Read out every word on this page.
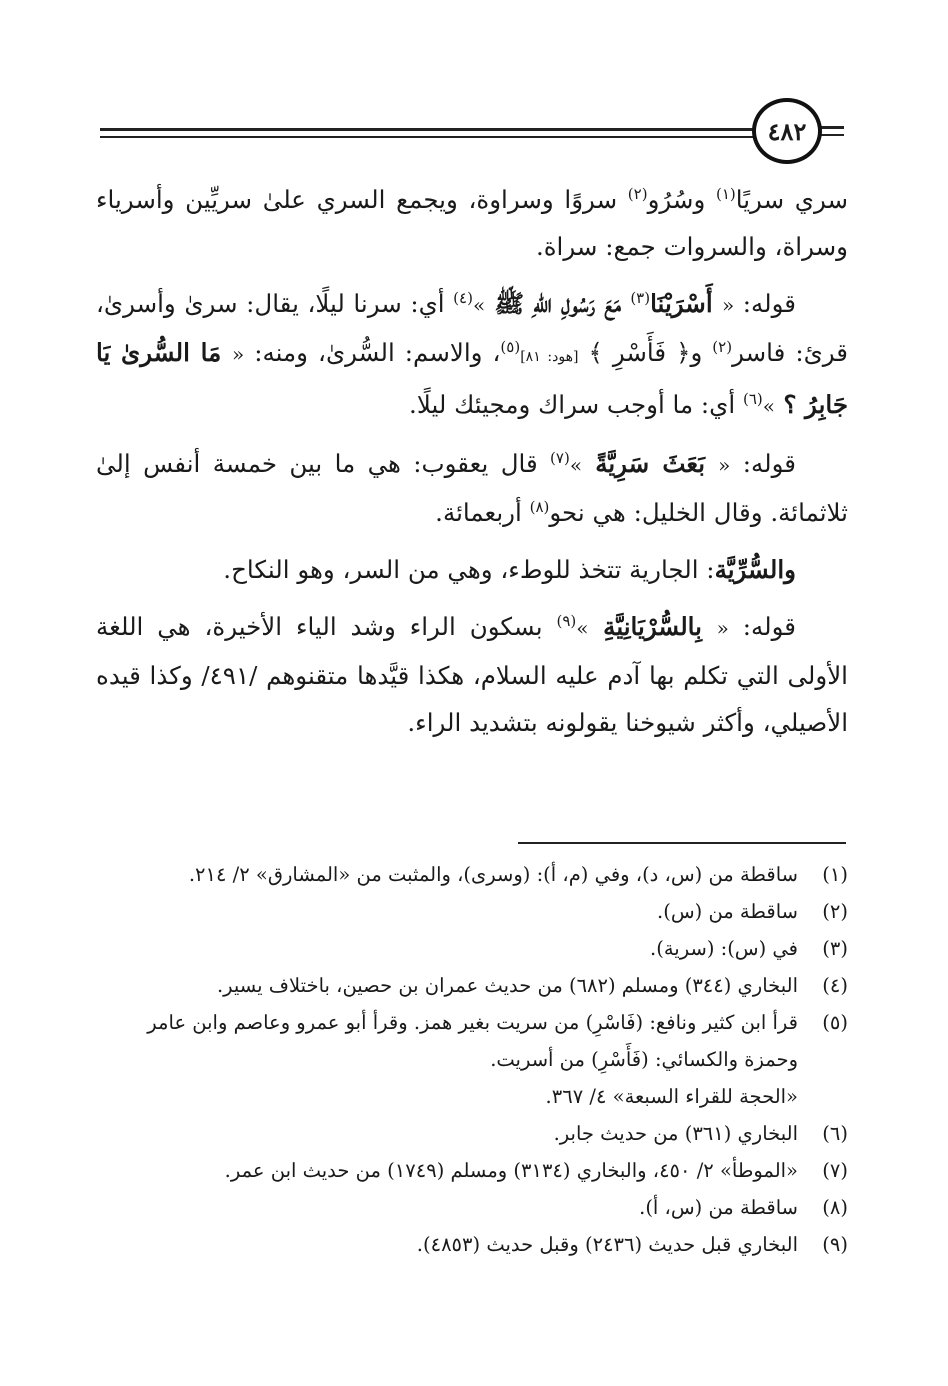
٤٨٢

سري سريًا$^{(١)}$ وسُرُو$^{(٢)}$ سروًا وسراوة، ويجمع السري علىٰ سريِّين وأسرياء وسراة، والسروات جمع: سراة.

قوله: « أَسْرَيْنَا$^{(٣)}$ مَعَ رَسُولِ اللهِ ﷺ »$^{(٤)}$ أي: سرنا ليلًا، يقال: سرىٰ وأسرىٰ، قرئ: فاسر$^{(٢)}$ و﴿ فَأَسْرِ ﴾ [هود: ٨١]$^{(٥)}$، والاسم: السُّرىٰ، ومنه: « مَا السُّرىٰ يَا جَابِرُ ؟ »$^{(٦)}$ أي: ما أوجب سراك ومجيئك ليلًا.

قوله: « بَعَثَ سَرِيَّةً »$^{(٧)}$ قال يعقوب: هي ما بين خمسة أنفس إلىٰ ثلاثمائة. وقال الخليل: هي نحو$^{(٨)}$ أربعمائة.

والسُّرِّيَّة: الجارية تتخذ للوطء، وهي من السر، وهو النكاح.

قوله: « بِالسُّرْيَانِيَّةِ »$^{(٩)}$ بسكون الراء وشد الياء الأخيرة، هي اللغة الأولى التي تكلم بها آدم عليه السلام، هكذا قيَّدها متقنوهم /٤٩١/ وكذا قيده الأصيلي، وأكثر شيوخنا يقولونه بتشديد الراء.

(١)
ساقطة من (س، د)، وفي (م، أ): (وسرى)، والمثبت من «المشارق» ٢/ ٢١٤.
(٢)
ساقطة من (س).
(٣)
في (س): (سرية).
(٤)
البخاري (٣٤٤) ومسلم (٦٨٢) من حديث عمران بن حصين، باختلاف يسير.
(٥)
قرأ ابن كثير ونافع: (فَاسْرِ) من سريت بغير همز. وقرأ أبو عمرو وعاصم وابن عامر
وحمزة والكسائي: (فَأَسْرِ) من أسريت.
«الحجة للقراء السبعة» ٤/ ٣٦٧.
(٦)
البخاري (٣٦١) من حديث جابر.
(٧)
«الموطأ» ٢/ ٤٥٠، والبخاري (٣١٣٤) ومسلم (١٧٤٩) من حديث ابن عمر.
(٨)
ساقطة من (س، أ).
(٩)
البخاري قبل حديث (٢٤٣٦) وقبل حديث (٤٨٥٣).
